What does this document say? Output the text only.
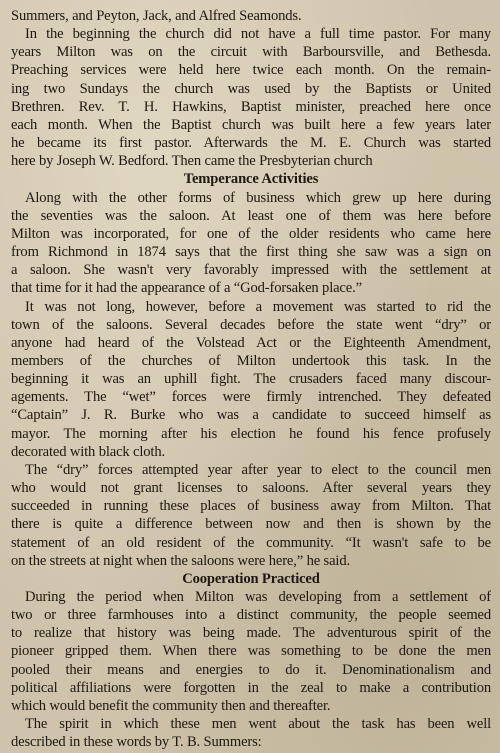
Summers, and Peyton, Jack, and Alfred Seamonds.
In the beginning the church did not have a full time pastor. For many
years Milton was on the circuit with Barboursville, and Bethesda.
Preaching services were held here twice each month. On the remain-
ing two Sundays the church was used by the Baptists or United
Brethren. Rev. T. H. Hawkins, Baptist minister, preached here once
each month. When the Baptist church was built here a few years later
he became its first pastor. Afterwards the M. E. Church was started
here by Joseph W. Bedford. Then came the Presbyterian church
Temperance Activities
Along with the other forms of business which grew up here during
the seventies was the saloon. At least one of them was here before
Milton was incorporated, for one of the older residents who came here
from Richmond in 1874 says that the first thing she saw was a sign on
a saloon. She wasn't very favorably impressed with the settlement at
that time for it had the appearance of a “God-forsaken place.”
It was not long, however, before a movement was started to rid the
town of the saloons. Several decades before the state went “dry” or
anyone had heard of the Volstead Act or the Eighteenth Amendment,
members of the churches of Milton undertook this task. In the
beginning it was an uphill fight. The crusaders faced many discour-
agements. The “wet” forces were firmly intrenched. They defeated
“Captain” J. R. Burke who was a candidate to succeed himself as
mayor. The morning after his election he found his fence profusely
decorated with black cloth.
The “dry” forces attempted year after year to elect to the council men
who would not grant licenses to saloons. After several years they
succeeded in running these places of business away from Milton. That
there is quite a difference between now and then is shown by the
statement of an old resident of the community. “It wasn't safe to be
on the streets at night when the saloons were here,” he said.
Cooperation Practiced
During the period when Milton was developing from a settlement of
two or three farmhouses into a distinct community, the people seemed
to realize that history was being made. The adventurous spirit of the
pioneer gripped them. When there was something to be done the men
pooled their means and energies to do it. Denominationalism and
political affiliations were forgotten in the zeal to make a contribution
which would benefit the community then and thereafter.
The spirit in which these men went about the task has been well
described in these words by T. B. Summers:
